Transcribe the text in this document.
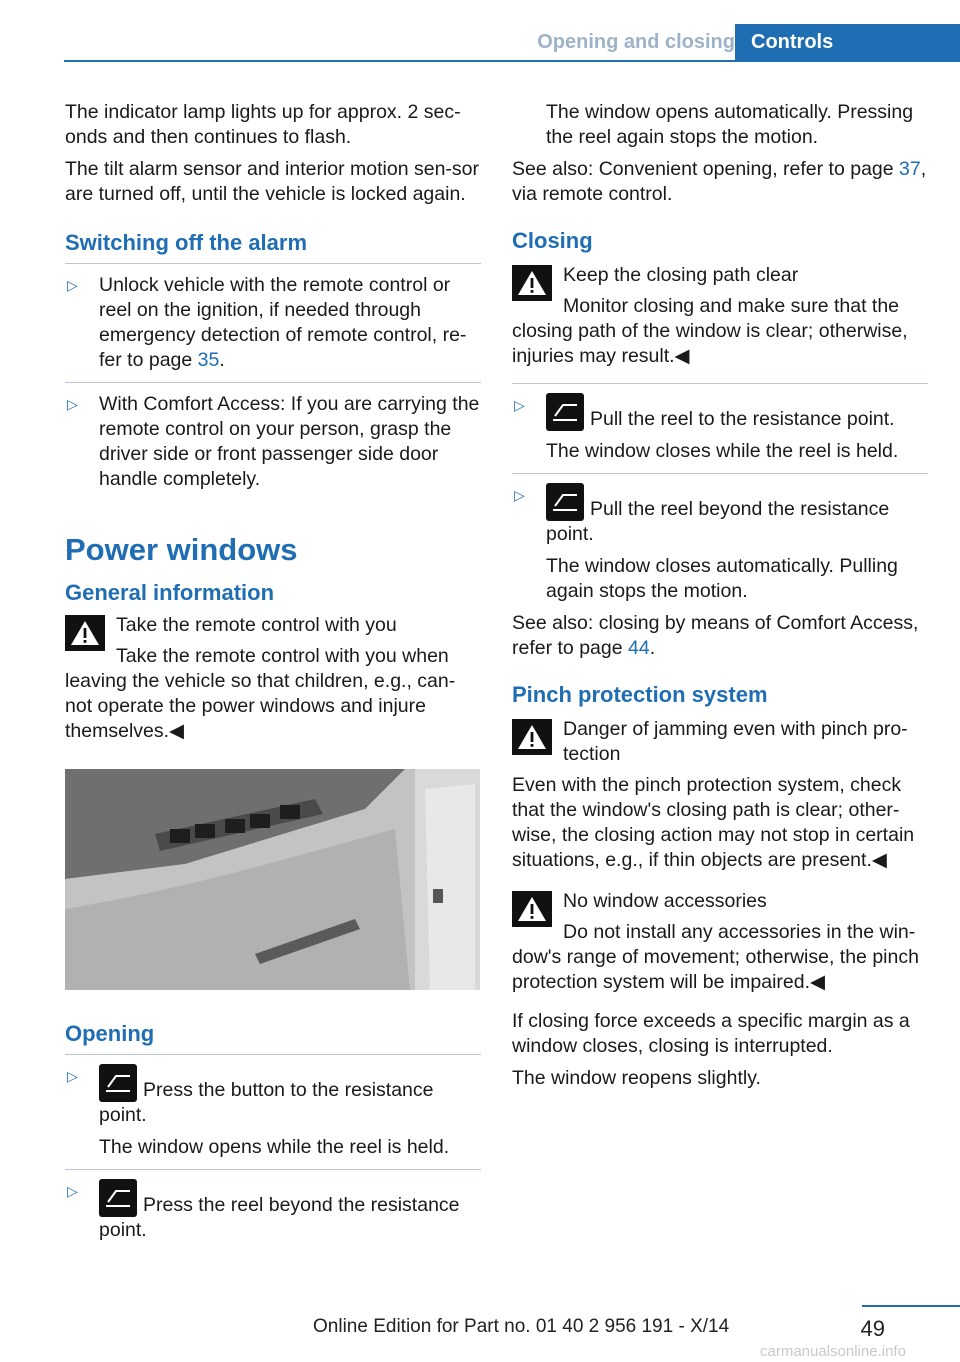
Opening and closing Controls

The indicator lamp lights up for approx. 2 sec‐onds and then continues to flash.

The tilt alarm sensor and interior motion sen‐sor are turned off, until the vehicle is locked again.

Switching off the alarm
▷ Unlock vehicle with the remote control or reel on the ignition, if needed through emergency detection of remote control, re‐fer to page 35.
▷ With Comfort Access: If you are carrying the remote control on your person, grasp the driver side or front passenger side door handle completely.
Power windows
General information

Take the remote control with you

Take the remote control with you when leaving the vehicle so that children, e.g., can‐not operate the power windows and injure themselves.◀

Opening
▷
Press the button to the resistance point.

The window opens while the reel is held.

▷
Press the reel beyond the resistance point.

The window opens automatically. Pressing the reel again stops the motion.

See also: Convenient opening, refer to page 37, via remote control.

Closing

Keep the closing path clear

Monitor closing and make sure that the closing path of the window is clear; otherwise, injuries may result.◀

▷
Pull the reel to the resistance point.

The window closes while the reel is held.

▷
Pull the reel beyond the resistance point.

The window closes automatically. Pulling again stops the motion.

See also: closing by means of Comfort Access, refer to page 44.

Pinch protection system

Danger of jamming even with pinch pro‐tection

Even with the pinch protection system, check that the window's closing path is clear; other‐wise, the closing action may not stop in certain situations, e.g., if thin objects are present.◀

No window accessories

Do not install any accessories in the win‐dow's range of movement; otherwise, the pinch protection system will be impaired.◀

If closing force exceeds a specific margin as a window closes, closing is interrupted.

The window reopens slightly.

49
Online Edition for Part no. 01 40 2 956 191 - X/14
carmanualsonline.info
